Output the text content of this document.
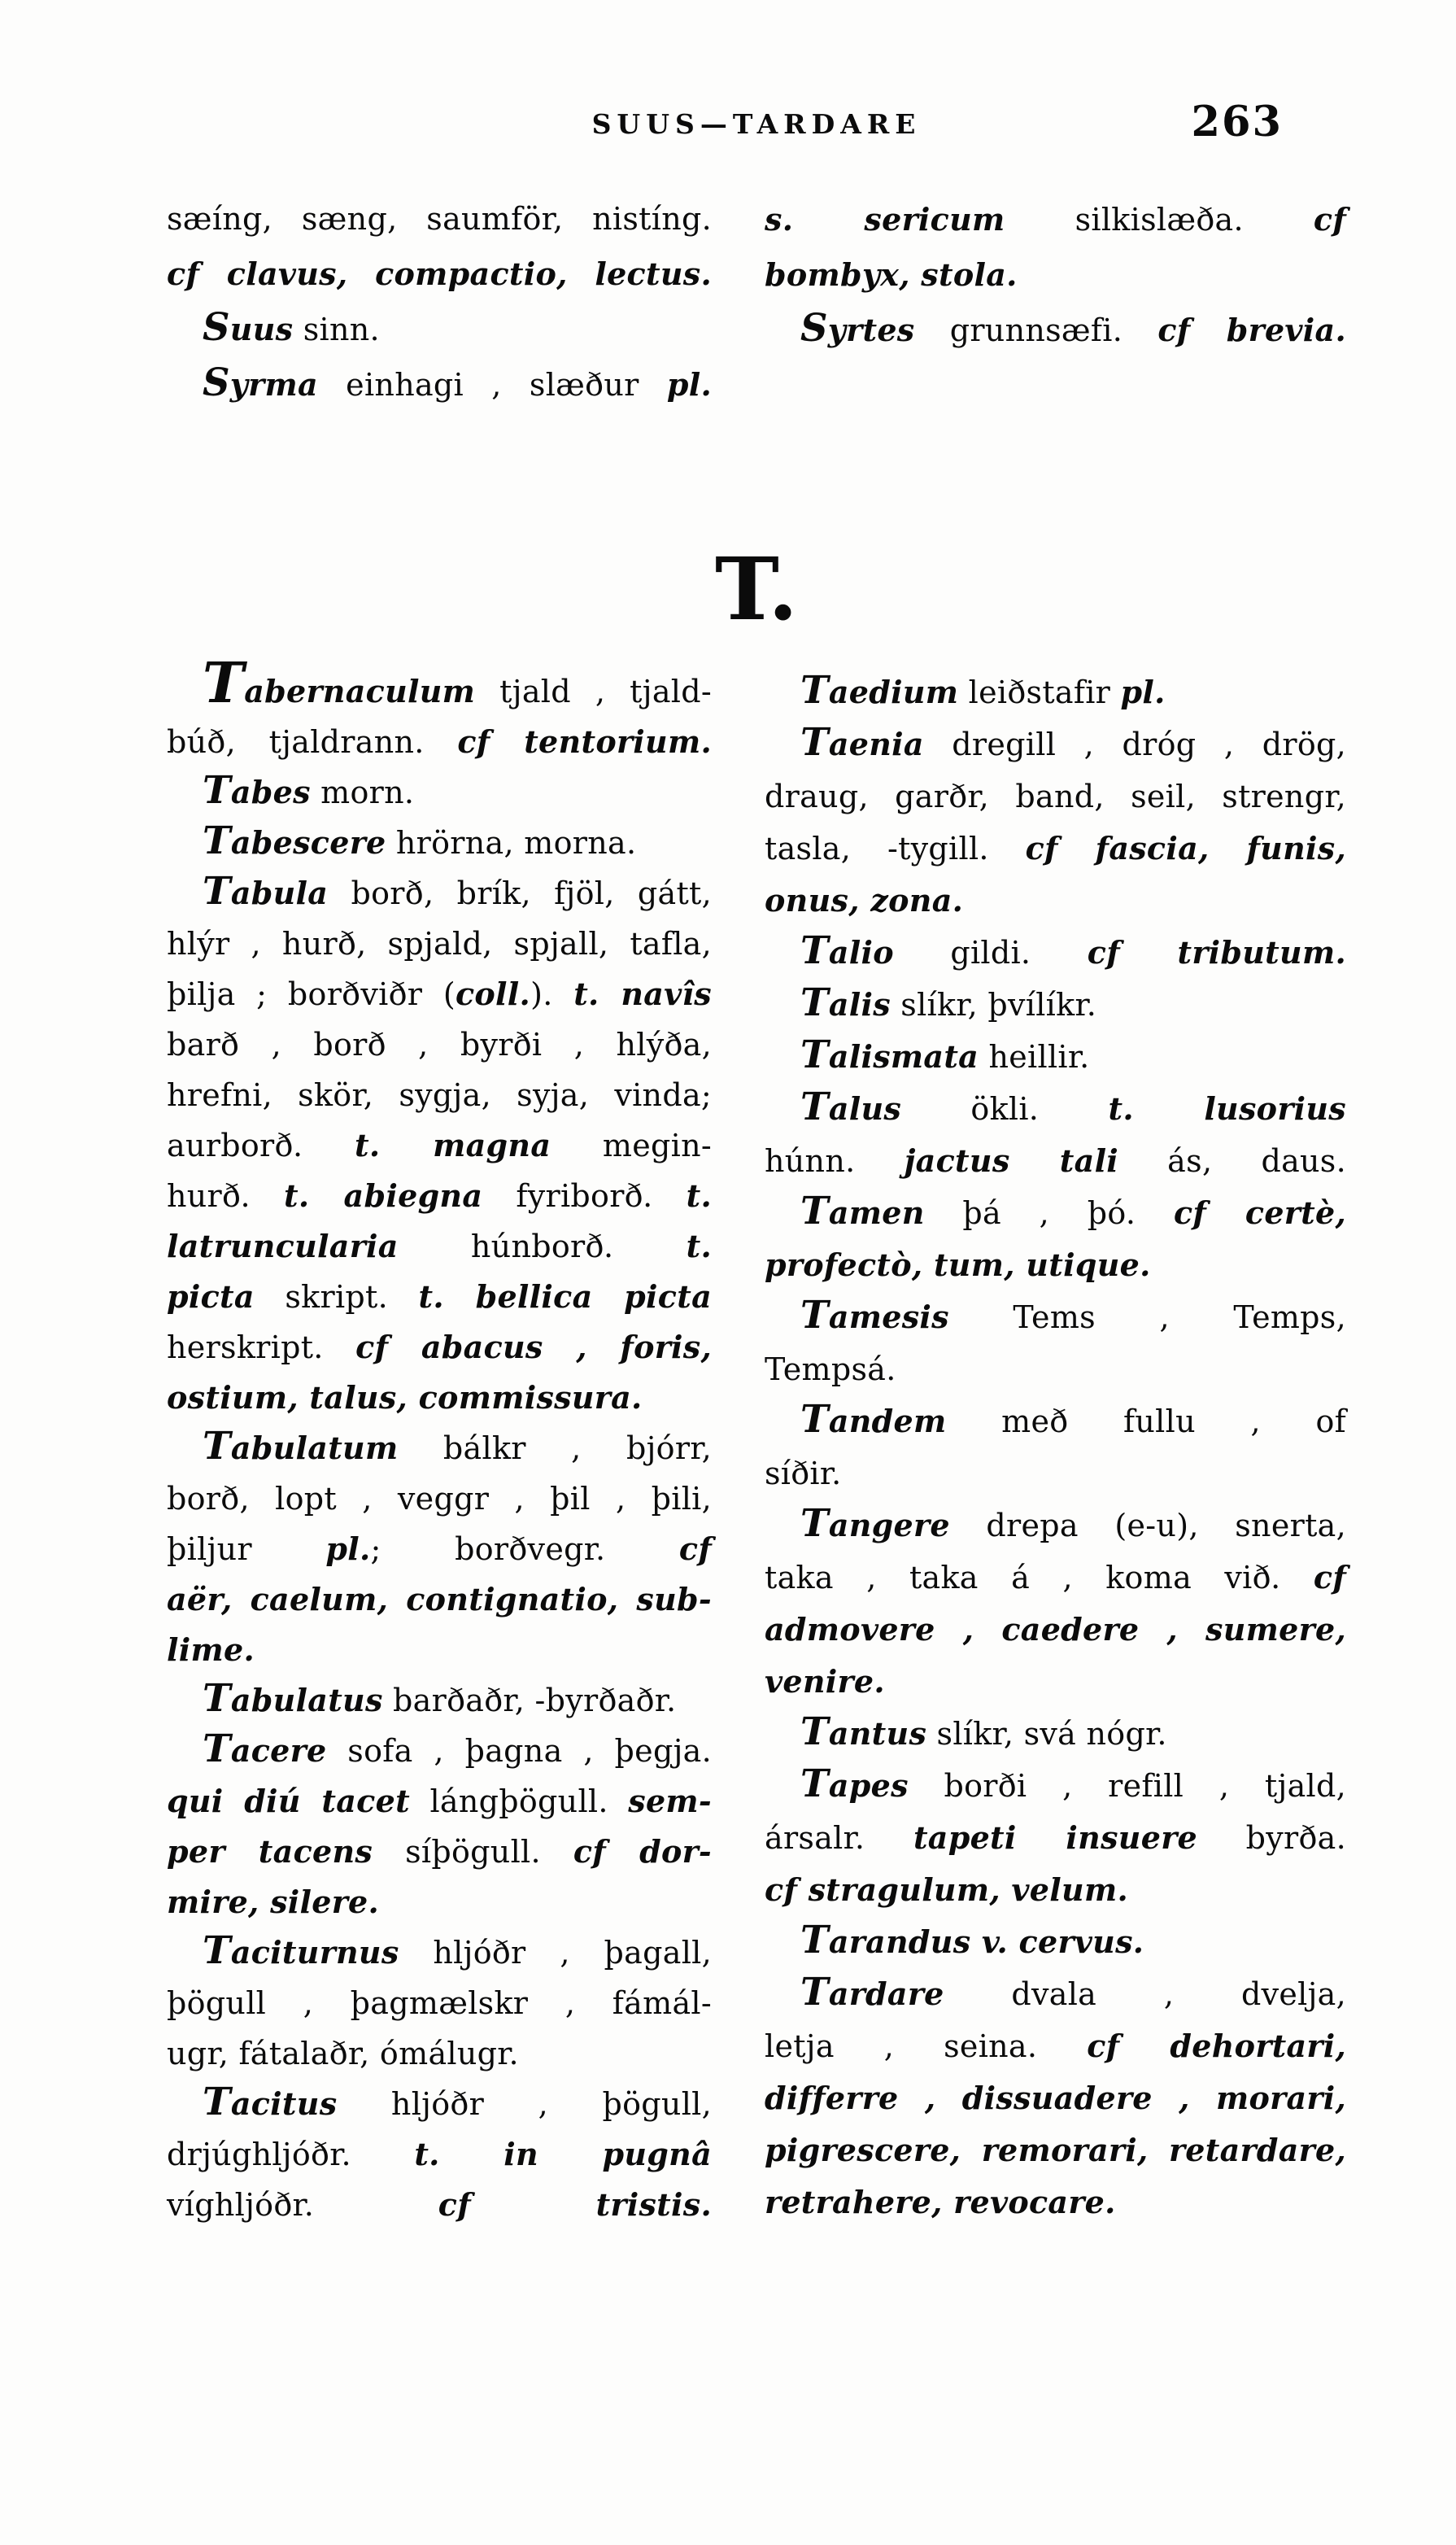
SUUS—TARDARE	263
sæíng, sæng, saumför, nistíng.
cf clavus, compactio, lectus.
Suus sinn.
Syrma einhagi , slæður pl.
s. sericum silkislæða. cf
bombyx, stola.
Syrtes grunnsæfi. cf brevia.
T.
Tabernaculum tjald , tjald-
búð, tjaldrann. cf tentorium.
Tabes morn.
Tabescere hrörna, morna.
Tabula borð, brík, fjöl, gátt,
hlýr , hurð, spjald, spjall, tafla,
þilja ; borðviðr (coll.). t. navîs
barð , borð , byrði , hlýða,
hrefni, skör, sygja, syja, vinda;
aurborð. t. magna megin-
hurð. t. abiegna fyriborð. t.
latruncularia húnborð. t.
picta skript. t. bellica picta
herskript. cf abacus , foris,
ostium, talus, commissura.
Tabulatum bálkr , bjórr,
borð, lopt , veggr , þil , þili,
þiljur pl.; borðvegr. cf
aër, caelum, contignatio, sub-
lime.
Tabulatus barðaðr, -byrðaðr.
Tacere sofa , þagna , þegja.
qui diú tacet lángþögull. sem-
per tacens síþögull. cf dor-
mire, silere.
Taciturnus hljóðr , þagall,
þögull , þagmælskr , fámál-
ugr, fátalaðr, ómálugr.
Tacitus hljóðr , þögull,
drjúghljóðr. t. in pugnâ
víghljóðr. cf tristis.
Taedium leiðstafir pl.
Taenia dregill , dróg , drög,
draug, garðr, band, seil, strengr,
tasla, -tygill. cf fascia, funis,
onus, zona.
Talio gildi. cf tributum.
Talis slíkr, þvílíkr.
Talismata heillir.
Talus ökli. t. lusorius
húnn. jactus tali ás, daus.
Tamen þá , þó. cf certè,
profectò, tum, utique.
Tamesis Tems , Temps,
Tempsá.
Tandem með fullu , of
síðir.
Tangere drepa (e-u), snerta,
taka , taka á , koma við. cf
admovere , caedere , sumere,
venire.
Tantus slíkr, svá nógr.
Tapes borði , refill , tjald,
ársalr. tapeti insuere byrða.
cf stragulum, velum.
Tarandus v. cervus.
Tardare dvala , dvelja,
letja , seina. cf dehortari,
differre , dissuadere , morari,
pigrescere, remorari, retardare,
retrahere, revocare.
